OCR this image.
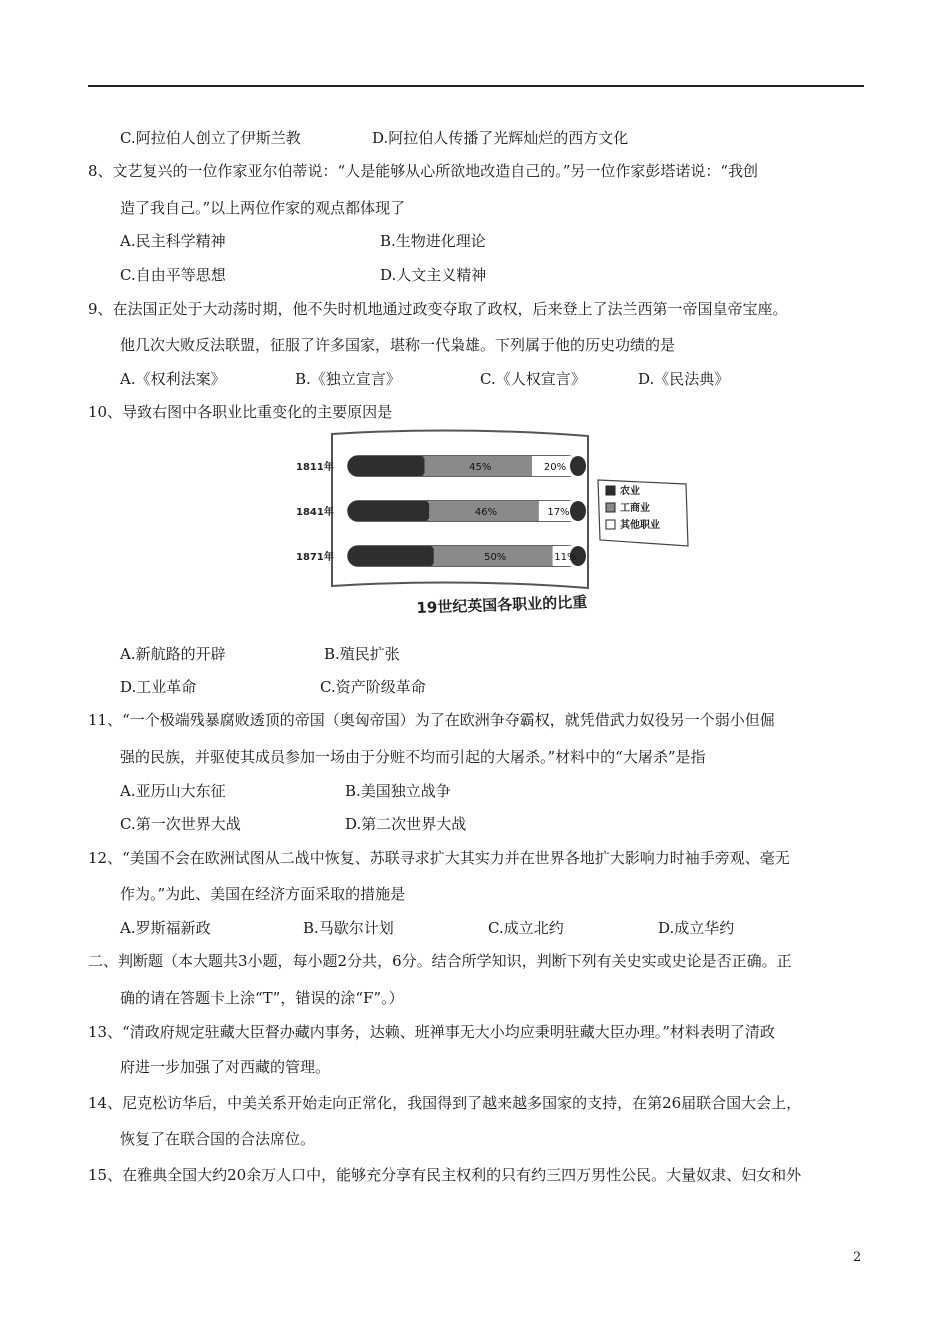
C.阿拉伯人创立了伊斯兰教	D.阿拉伯人传播了光辉灿烂的西方文化
8、文艺复兴的一位作家亚尔伯蒂说：“人是能够从心所欲地改造自己的。”另一位作家彭塔诺说：“我创
造了我自己。”以上两位作家的观点都体现了
A.民主科学精神	B.生物进化理论
C.自由平等思想	D.人文主义精神
9、在法国正处于大动荡时期，他不失时机地通过政变夺取了政权，后来登上了法兰西第一帝国皇帝宝座。
他几次大败反法联盟，征服了许多国家，堪称一代枭雄。下列属于他的历史功绩的是
A.《权利法案》	B.《独立宣言》	C.《人权宣言》	D.《民法典》
10、导致右图中各职业比重变化的主要原因是
1811年	45%	20%
1841年	46%	17%
1871年	50%	11%
农业
工商业
其他职业
19世纪英国各职业的比重
A.新航路的开辟	B.殖民扩张
D.工业革命	C.资产阶级革命
11、“一个极端残暴腐败透顶的帝国（奥匈帝国）为了在欧洲争夺霸权，就凭借武力奴役另一个弱小但倔
强的民族，并驱使其成员参加一场由于分赃不均而引起的大屠杀。”材料中的“大屠杀”是指
A.亚历山大东征	B.美国独立战争
C.第一次世界大战	D.第二次世界大战
12、“美国不会在欧洲试图从二战中恢复、苏联寻求扩大其实力并在世界各地扩大影响力时袖手旁观、毫无
作为。”为此、美国在经济方面采取的措施是
A.罗斯福新政	B.马歇尔计划	C.成立北约	D.成立华约
二、判断题（本大题共3小题，每小题2分共，6分。结合所学知识，判断下列有关史实或史论是否正确。正
确的请在答题卡上涂“T”，错误的涂“F”。）
13、“清政府规定驻藏大臣督办藏内事务，达赖、班禅事无大小均应秉明驻藏大臣办理。”材料表明了清政
府进一步加强了对西藏的管理。
14、尼克松访华后，中美关系开始走向正常化，我国得到了越来越多国家的支持，在第26届联合国大会上，
恢复了在联合国的合法席位。
15、在雅典全国大约20余万人口中，能够充分享有民主权利的只有约三四万男性公民。大量奴隶、妇女和外
2
